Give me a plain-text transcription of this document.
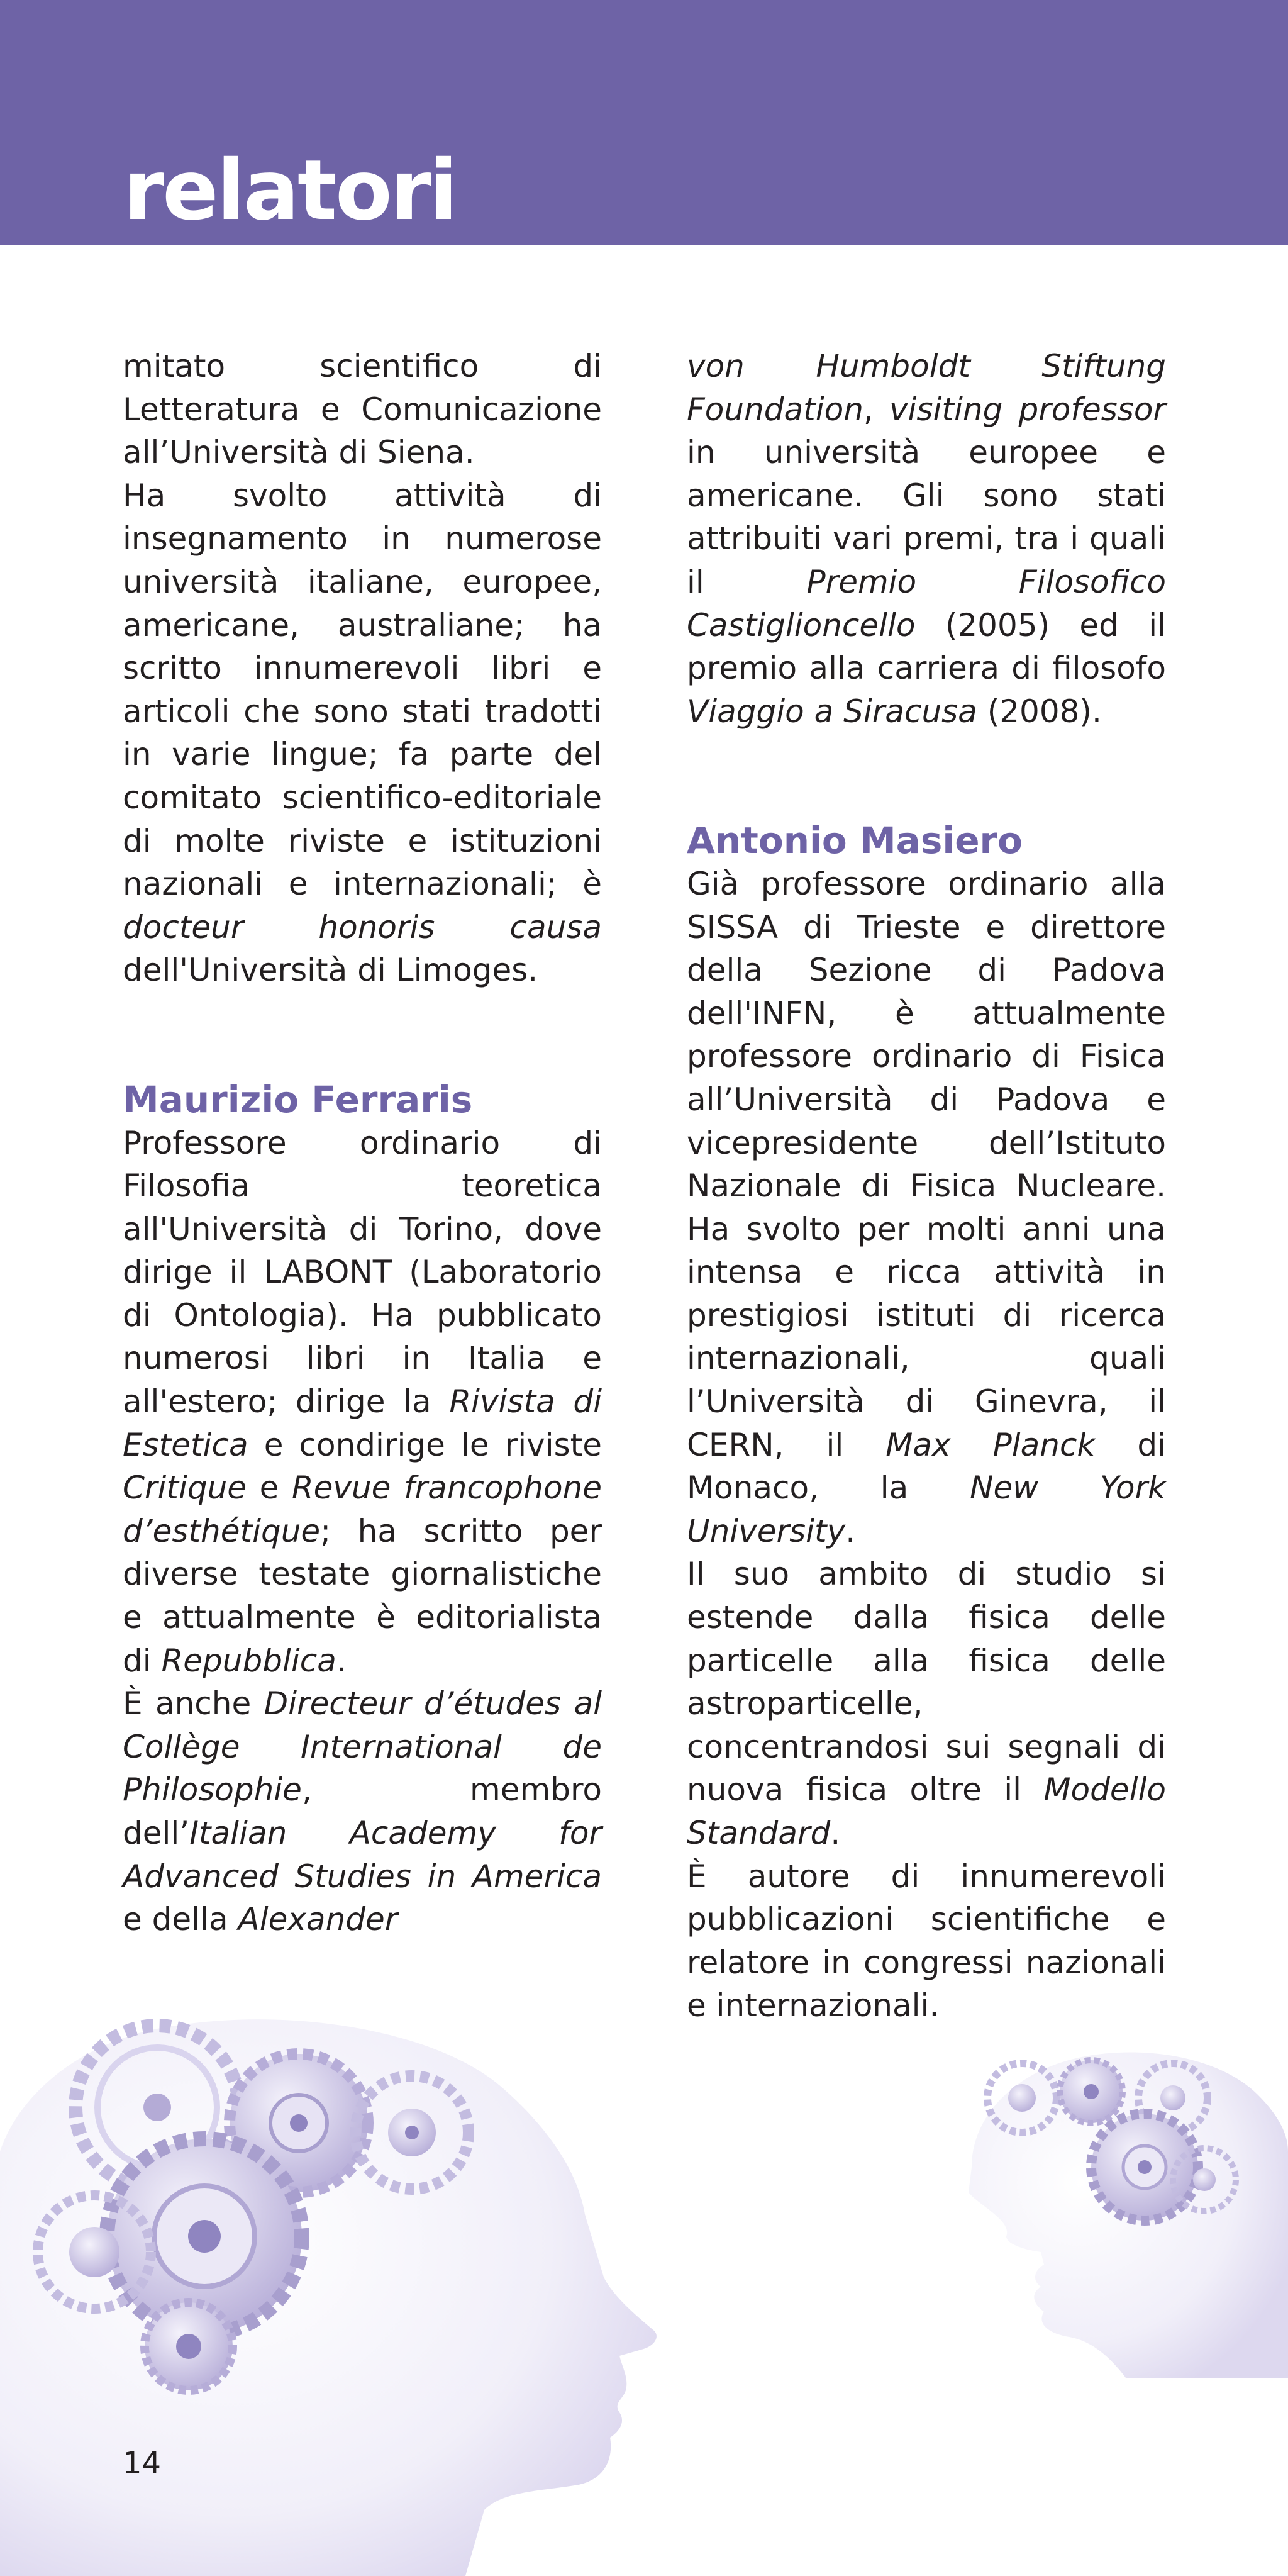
relatori

mitato scientifico di Letteratura e Comunicazione all’Università di Siena.

Ha svolto attività di insegnamento in numerose università italiane, europee, americane, australiane; ha scritto innumerevoli libri e articoli che sono stati tradotti in varie lingue; fa parte del comitato scientifico-editoriale di molte riviste e istituzioni nazionali e internazionali; è docteur honoris causa dell'Università di Limoges.

Maurizio Ferraris

Professore ordinario di Filosofia teoretica all'Università di Torino, dove dirige il LABONT (Laboratorio di Ontologia). Ha pubblicato numerosi libri in Italia e all'estero; dirige la Rivista di Estetica e condirige le riviste Critique e Revue francophone d’esthétique; ha scritto per diverse testate giornalistiche e attualmente è editorialista di Repubblica.

È anche Directeur d’études al Collège International de Philosophie, membro dell’Italian Academy for Advanced Studies in America e della Alexander

von Humboldt Stiftung Foundation, visiting professor in università europee e americane. Gli sono stati attribuiti vari premi, tra i quali il Premio Filosofico Castiglioncello (2005) ed il premio alla carriera di filosofo Viaggio a Siracusa (2008).

Antonio Masiero

Già professore ordinario alla SISSA di Trieste e direttore della Sezione di Padova dell'INFN, è attualmente professore ordinario di Fisica all’Università di Padova e vicepresidente dell’Istituto Nazionale di Fisica Nucleare. Ha svolto per molti anni una intensa e ricca attività in prestigiosi istituti di ricerca internazionali, quali l’Università di Ginevra, il CERN, il Max Planck di Monaco, la New York University.

Il suo ambito di studio si estende dalla fisica delle particelle alla fisica delle astroparticelle, concentrandosi sui segnali di nuova fisica oltre il Modello Standard.

È autore di innumerevoli pubblicazioni scientifiche e relatore in congressi nazionali e internazionali.

14
